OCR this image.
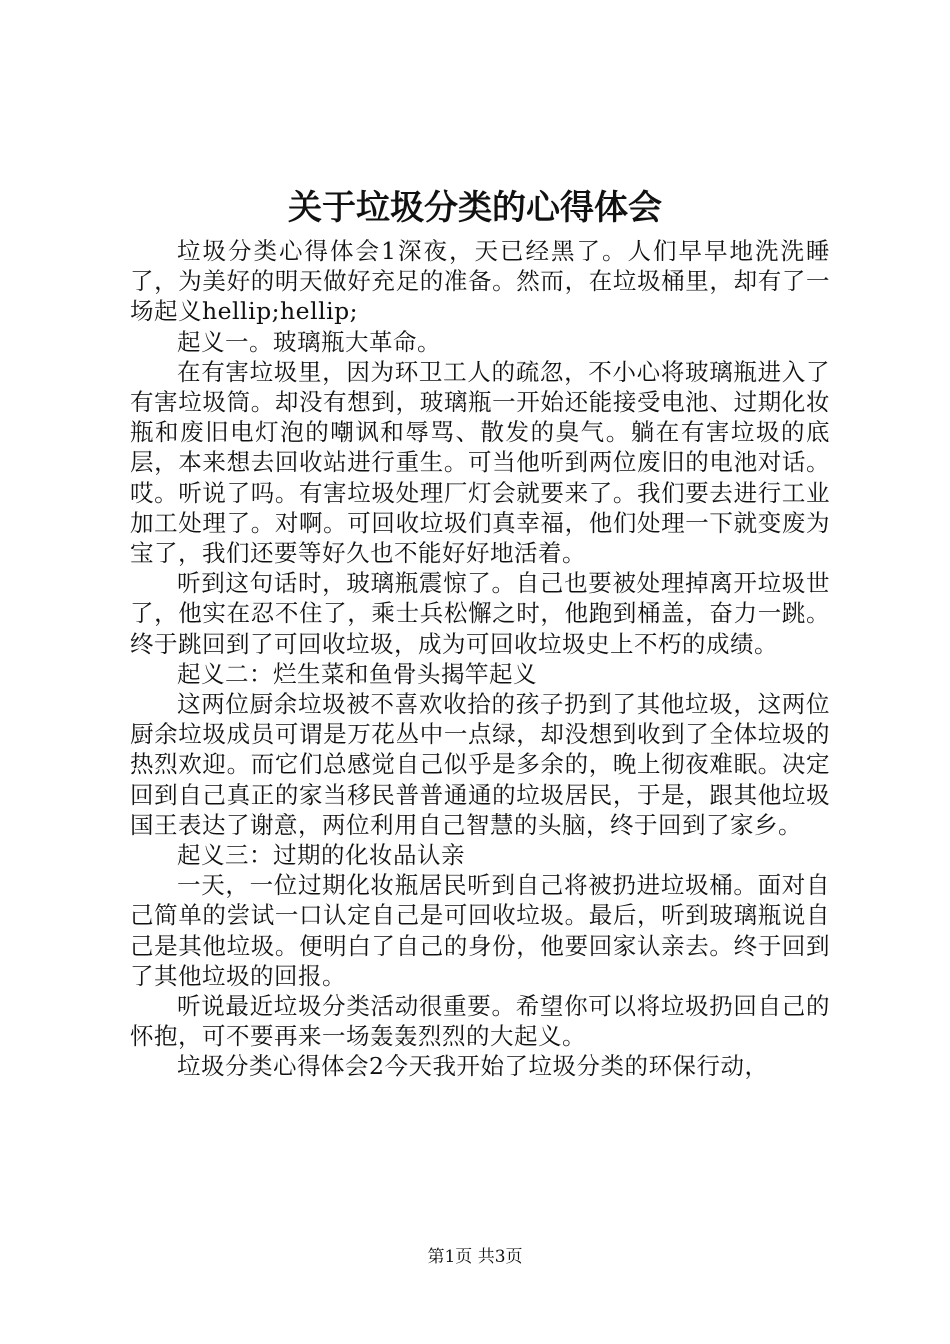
关于垃圾分类的心得体会

垃圾分类心得体会1深夜，天已经黑了。人们早早地洗洗睡了，为美好的明天做好充足的准备。然而，在垃圾桶里，却有了一场起义hellip;hellip;

起义一。玻璃瓶大革命。

在有害垃圾里，因为环卫工人的疏忽，不小心将玻璃瓶进入了有害垃圾筒。却没有想到，玻璃瓶一开始还能接受电池、过期化妆瓶和废旧电灯泡的嘲讽和辱骂、散发的臭气。躺在有害垃圾的底层，本来想去回收站进行重生。可当他听到两位废旧的电池对话。哎。听说了吗。有害垃圾处理厂灯会就要来了。我们要去进行工业加工处理了。对啊。可回收垃圾们真幸福，他们处理一下就变废为宝了，我们还要等好久也不能好好地活着。

听到这句话时，玻璃瓶震惊了。自己也要被处理掉离开垃圾世了，他实在忍不住了，乘士兵松懈之时，他跑到桶盖，奋力一跳。终于跳回到了可回收垃圾，成为可回收垃圾史上不朽的成绩。

起义二：烂生菜和鱼骨头揭竿起义

这两位厨余垃圾被不喜欢收拾的孩子扔到了其他垃圾，这两位厨余垃圾成员可谓是万花丛中一点绿，却没想到收到了全体垃圾的热烈欢迎。而它们总感觉自己似乎是多余的，晚上彻夜难眠。决定回到自己真正的家当移民普普通通的垃圾居民，于是，跟其他垃圾国王表达了谢意，两位利用自己智慧的头脑，终于回到了家乡。

起义三：过期的化妆品认亲

一天，一位过期化妆瓶居民听到自己将被扔进垃圾桶。面对自己简单的尝试一口认定自己是可回收垃圾。最后，听到玻璃瓶说自己是其他垃圾。便明白了自己的身份，他要回家认亲去。终于回到了其他垃圾的回报。

听说最近垃圾分类活动很重要。希望你可以将垃圾扔回自己的怀抱，可不要再来一场轰轰烈烈的大起义。

垃圾分类心得体会2今天我开始了垃圾分类的环保行动，

第1页 共3页
